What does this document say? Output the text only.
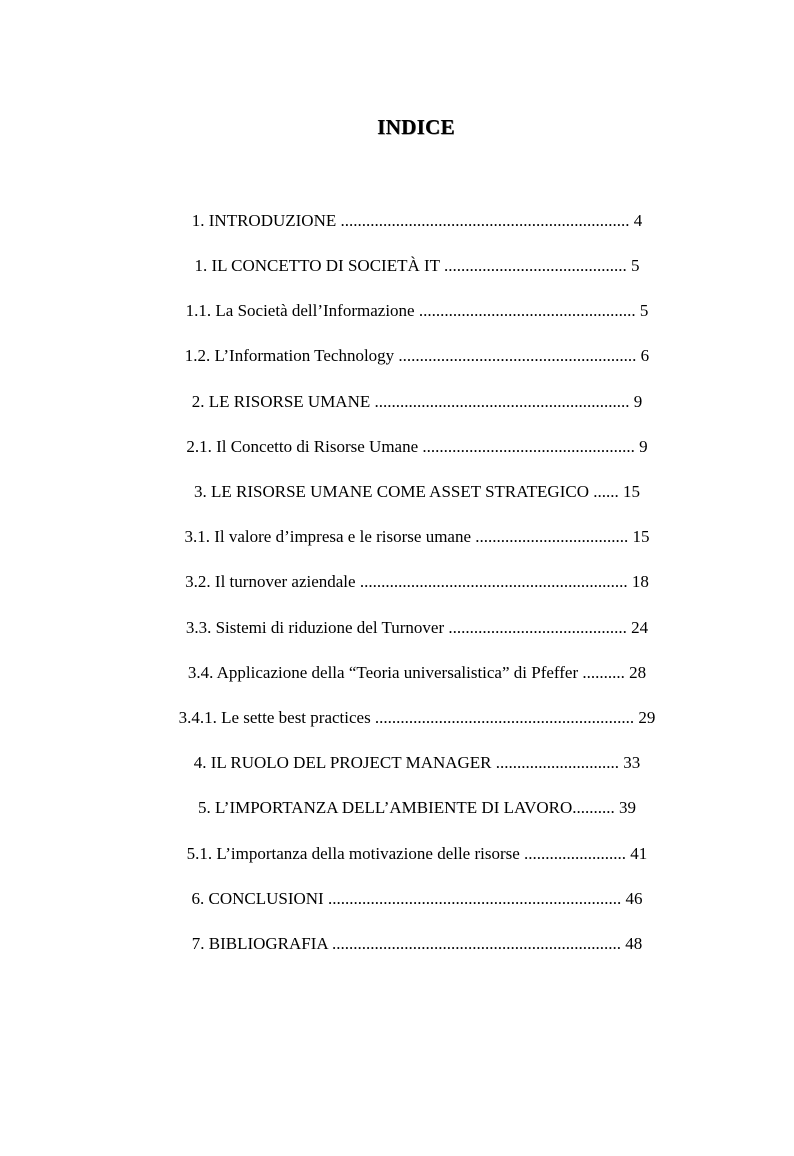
INDICE
1. INTRODUZIONE .................................................................... 4
1. IL CONCETTO DI SOCIETÀ IT ........................................... 5
1.1. La Società dell’Informazione ................................................... 5
1.2. L’Information Technology ........................................................ 6
2. LE RISORSE UMANE ............................................................ 9
2.1. Il Concetto di Risorse Umane .................................................. 9
3. LE RISORSE UMANE COME ASSET STRATEGICO ...... 15
3.1. Il valore d’impresa e le risorse umane .................................... 15
3.2. Il turnover aziendale ............................................................... 18
3.3. Sistemi di riduzione del Turnover .......................................... 24
3.4. Applicazione della “Teoria universalistica” di Pfeffer .......... 28
3.4.1. Le sette best practices ............................................................. 29
4. IL RUOLO DEL PROJECT MANAGER ............................. 33
5. L’IMPORTANZA DELL’AMBIENTE DI LAVORO.......... 39
5.1. L’importanza della motivazione delle risorse ........................ 41
6. CONCLUSIONI ..................................................................... 46
7. BIBLIOGRAFIA .................................................................... 48
